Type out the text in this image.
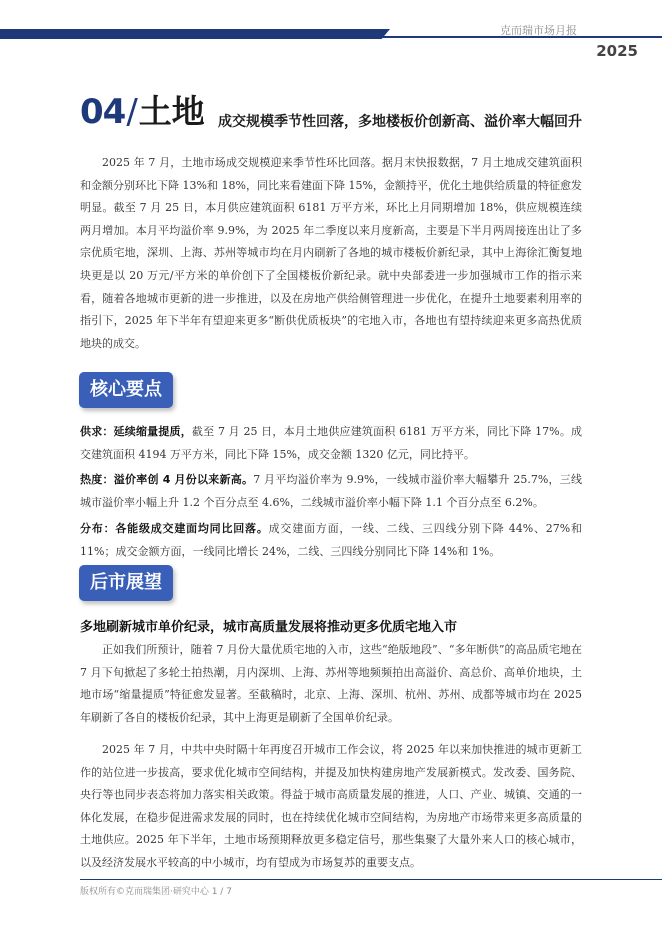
克而瑞市场月报
2025
04/土地 成交规模季节性回落，多地楼板价创新高、溢价率大幅回升

2025 年 7 月，土地市场成交规模迎来季节性环比回落。据月末快报数据，7 月土地成交建筑面积和金额分别环比下降 13%和 18%，同比来看建面下降 15%，金额持平，优化土地供给质量的特征愈发明显。截至 7 月 25 日，本月供应建筑面积 6181 万平方米，环比上月同期增加 18%，供应规模连续两月增加。本月平均溢价率 9.9%，为 2025 年二季度以来月度新高，主要是下半月两周接连出让了多宗优质宅地，深圳、上海、苏州等城市均在月内刷新了各地的城市楼板价新纪录，其中上海徐汇衡复地块更是以 20 万元/平方米的单价创下了全国楼板价新纪录。就中央部委进一步加强城市工作的指示来看，随着各地城市更新的进一步推进，以及在房地产供给侧管理进一步优化，在提升土地要素利用率的指引下，2025 年下半年有望迎来更多“断供优质板块”的宅地入市，各地也有望持续迎来更多高热优质地块的成交。

核心要点

供求：延续缩量提质，截至 7 月 25 日，本月土地供应建筑面积 6181 万平方米，同比下降 17%。成交建筑面积 4194 万平方米，同比下降 15%，成交金额 1320 亿元，同比持平。

热度：溢价率创 4 月份以来新高。7 月平均溢价率为 9.9%，一线城市溢价率大幅攀升 25.7%，三线城市溢价率小幅上升 1.2 个百分点至 4.6%，二线城市溢价率小幅下降 1.1 个百分点至 6.2%。

分布：各能级成交建面均同比回落。成交建面方面，一线、二线、三四线分别下降 44%、27%和 11%；成交金额方面，一线同比增长 24%，二线、三四线分别同比下降 14%和 1%。

后市展望
多地刷新城市单价纪录，城市高质量发展将推动更多优质宅地入市

正如我们所预计，随着 7 月份大量优质宅地的入市，这些“绝版地段”、“多年断供”的高品质宅地在 7 月下旬掀起了多轮土拍热潮，月内深圳、上海、苏州等地频频拍出高溢价、高总价、高单价地块，土地市场“缩量提质”特征愈发显著。至截稿时，北京、上海、深圳、杭州、苏州、成都等城市均在 2025 年刷新了各自的楼板价纪录，其中上海更是刷新了全国单价纪录。

2025 年 7 月，中共中央时隔十年再度召开城市工作会议，将 2025 年以来加快推进的城市更新工作的站位进一步拔高，要求优化城市空间结构，并提及加快构建房地产发展新模式。发改委、国务院、央行等也同步表态将加力落实相关政策。得益于城市高质量发展的推进，人口、产业、城镇、交通的一体化发展，在稳步促进需求发展的同时，也在持续优化城市空间结构，为房地产市场带来更多高质量的土地供应。2025 年下半年，土地市场预期释放更多稳定信号，那些集聚了大量外来人口的核心城市，以及经济发展水平较高的中小城市，均有望成为市场复苏的重要支点。

版权所有©克而瑞集团·研究中心 1 / 7
